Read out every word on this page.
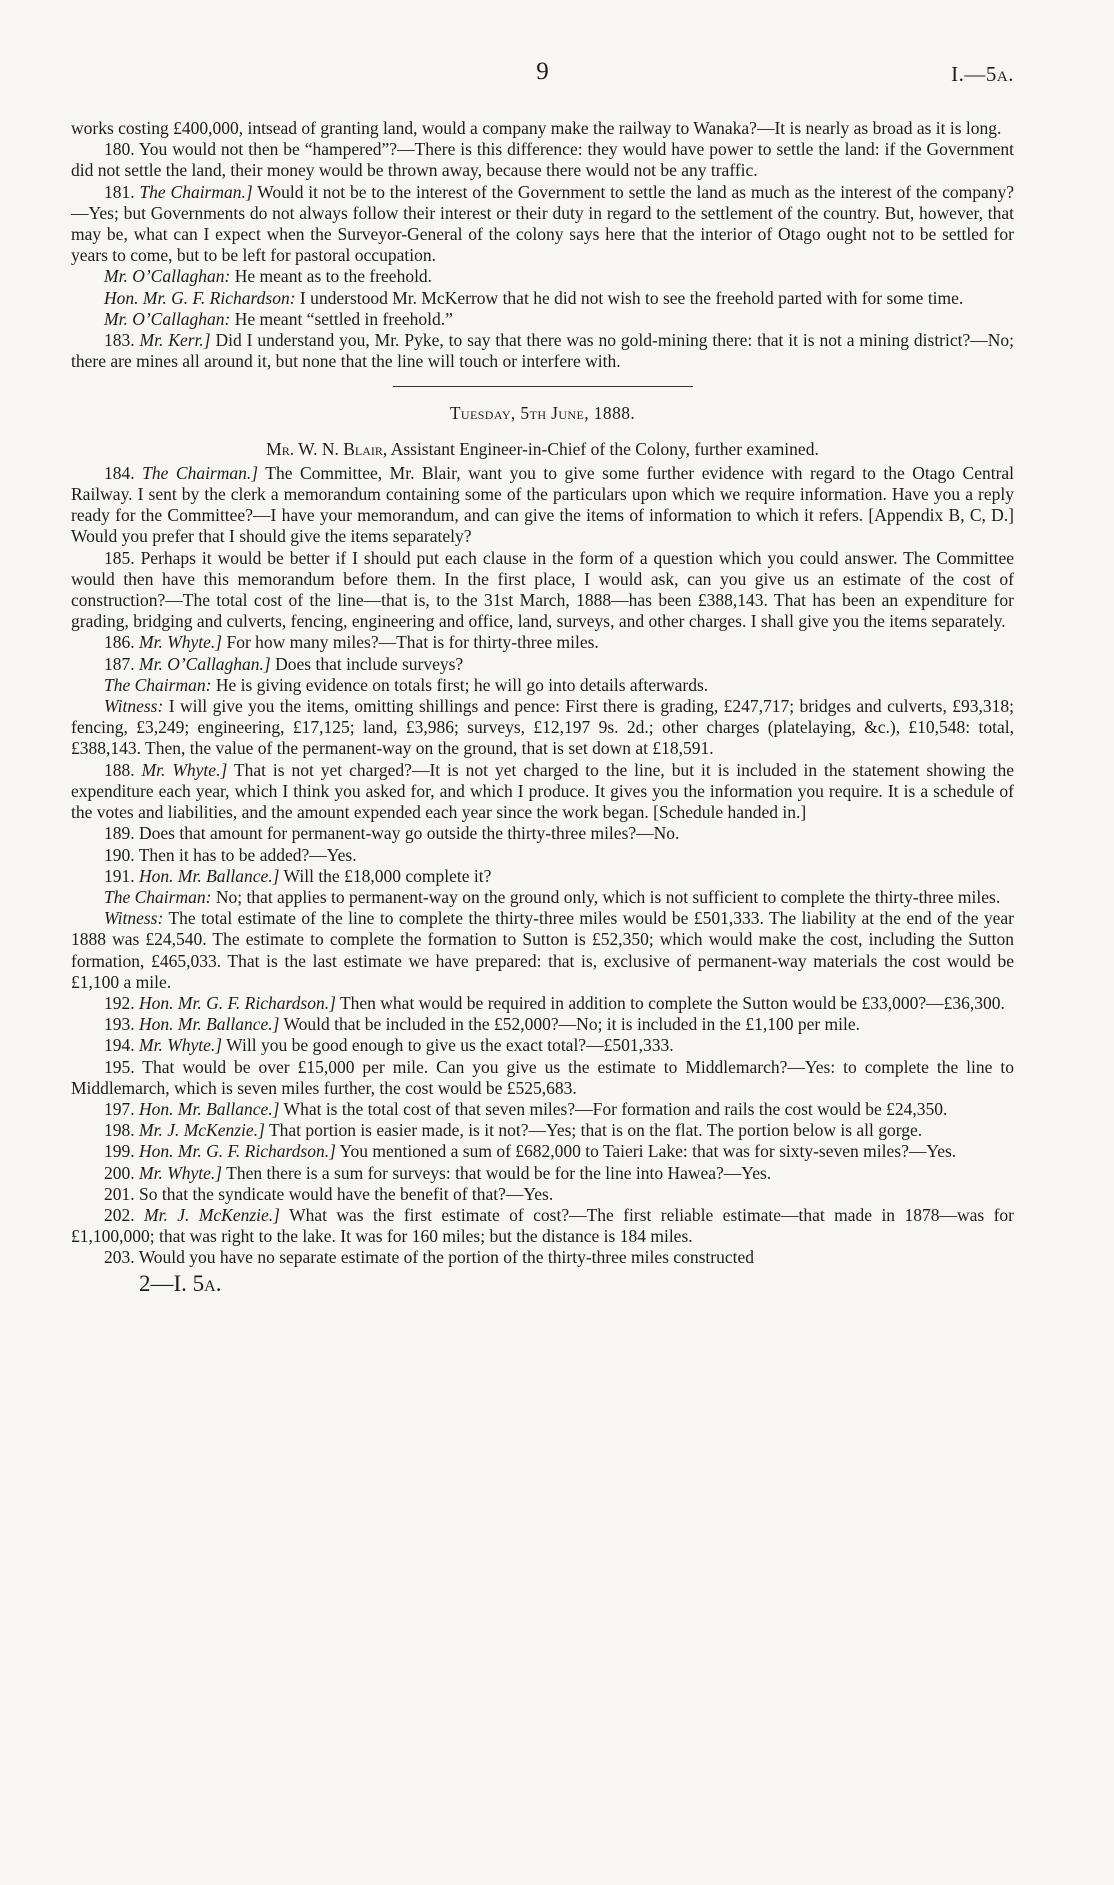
9	I.—5a.

works costing £400,000, intsead of granting land, would a company make the railway to Wanaka?—It is nearly as broad as it is long.

180. You would not then be “hampered”?—There is this difference: they would have power to settle the land: if the Government did not settle the land, their money would be thrown away, because there would not be any traffic.

181. The Chairman.] Would it not be to the interest of the Government to settle the land as much as the interest of the company?—Yes; but Governments do not always follow their interest or their duty in regard to the settlement of the country. But, however, that may be, what can I expect when the Surveyor-General of the colony says here that the interior of Otago ought not to be settled for years to come, but to be left for pastoral occupation.

Mr. O’Callaghan: He meant as to the freehold.

Hon. Mr. G. F. Richardson: I understood Mr. McKerrow that he did not wish to see the freehold parted with for some time.

Mr. O’Callaghan: He meant “settled in freehold.”

183. Mr. Kerr.] Did I understand you, Mr. Pyke, to say that there was no gold-mining there: that it is not a mining district?—No; there are mines all around it, but none that the line will touch or interfere with.

Tuesday, 5th June, 1888.
Mr. W. N. Blair, Assistant Engineer-in-Chief of the Colony, further examined.

184. The Chairman.] The Committee, Mr. Blair, want you to give some further evidence with regard to the Otago Central Railway. I sent by the clerk a memorandum containing some of the particulars upon which we require information. Have you a reply ready for the Committee?—I have your memorandum, and can give the items of information to which it refers. [Appendix B, C, D.] Would you prefer that I should give the items separately?

185. Perhaps it would be better if I should put each clause in the form of a question which you could answer. The Committee would then have this memorandum before them. In the first place, I would ask, can you give us an estimate of the cost of construction?—The total cost of the line—that is, to the 31st March, 1888—has been £388,143. That has been an expenditure for grading, bridging and culverts, fencing, engineering and office, land, surveys, and other charges. I shall give you the items separately.

186. Mr. Whyte.] For how many miles?—That is for thirty-three miles.

187. Mr. O’Callaghan.] Does that include surveys?

The Chairman: He is giving evidence on totals first; he will go into details afterwards.

Witness: I will give you the items, omitting shillings and pence: First there is grading, £247,717; bridges and culverts, £93,318; fencing, £3,249; engineering, £17,125; land, £3,986; surveys, £12,197 9s. 2d.; other charges (platelaying, &c.), £10,548: total, £388,143. Then, the value of the permanent-way on the ground, that is set down at £18,591.

188. Mr. Whyte.] That is not yet charged?—It is not yet charged to the line, but it is included in the statement showing the expenditure each year, which I think you asked for, and which I produce. It gives you the information you require. It is a schedule of the votes and liabilities, and the amount expended each year since the work began. [Schedule handed in.]

189. Does that amount for permanent-way go outside the thirty-three miles?—No.

190. Then it has to be added?—Yes.

191. Hon. Mr. Ballance.] Will the £18,000 complete it?

The Chairman: No; that applies to permanent-way on the ground only, which is not sufficient to complete the thirty-three miles.

Witness: The total estimate of the line to complete the thirty-three miles would be £501,333. The liability at the end of the year 1888 was £24,540. The estimate to complete the formation to Sutton is £52,350; which would make the cost, including the Sutton formation, £465,033. That is the last estimate we have prepared: that is, exclusive of permanent-way materials the cost would be £1,100 a mile.

192. Hon. Mr. G. F. Richardson.] Then what would be required in addition to complete the Sutton would be £33,000?—£36,300.

193. Hon. Mr. Ballance.] Would that be included in the £52,000?—No; it is included in the £1,100 per mile.

194. Mr. Whyte.] Will you be good enough to give us the exact total?—£501,333.

195. That would be over £15,000 per mile. Can you give us the estimate to Middlemarch?—Yes: to complete the line to Middlemarch, which is seven miles further, the cost would be £525,683.

197. Hon. Mr. Ballance.] What is the total cost of that seven miles?—For formation and rails the cost would be £24,350.

198. Mr. J. McKenzie.] That portion is easier made, is it not?—Yes; that is on the flat. The portion below is all gorge.

199. Hon. Mr. G. F. Richardson.] You mentioned a sum of £682,000 to Taieri Lake: that was for sixty-seven miles?—Yes.

200. Mr. Whyte.] Then there is a sum for surveys: that would be for the line into Hawea?—Yes.

201. So that the syndicate would have the benefit of that?—Yes.

202. Mr. J. McKenzie.] What was the first estimate of cost?—The first reliable estimate—that made in 1878—was for £1,100,000; that was right to the lake. It was for 160 miles; but the distance is 184 miles.

203. Would you have no separate estimate of the portion of the thirty-three miles constructed

2—I. 5a.
